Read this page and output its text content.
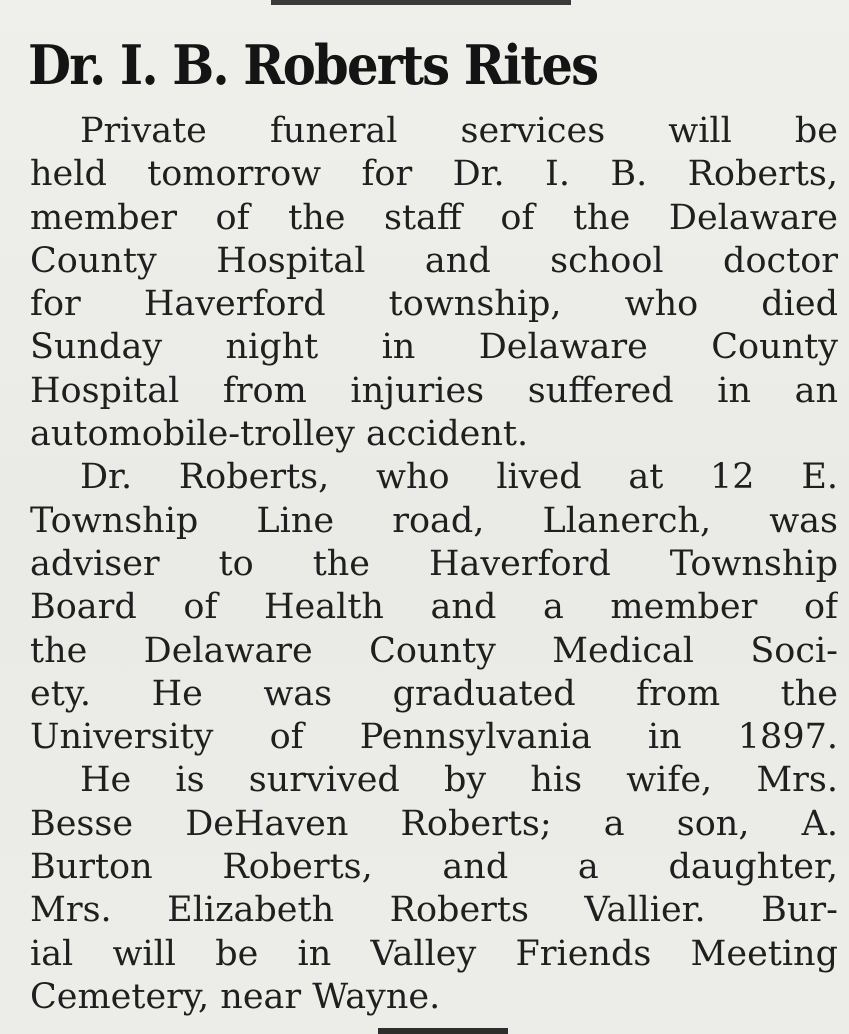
Dr. I. B. Roberts Rites
Private funeral services will be
held tomorrow for Dr. I. B. Roberts,
member of the staff of the Delaware
County Hospital and school doctor
for Haverford township, who died
Sunday night in Delaware County
Hospital from injuries suffered in an
automobile-trolley accident.
Dr. Roberts, who lived at 12 E.
Township Line road, Llanerch, was
adviser to the Haverford Township
Board of Health and a member of
the Delaware County Medical Soci-
ety. He was graduated from the
University of Pennsylvania in 1897.
He is survived by his wife, Mrs.
Besse DeHaven Roberts; a son, A.
Burton Roberts, and a daughter,
Mrs. Elizabeth Roberts Vallier. Bur-
ial will be in Valley Friends Meeting
Cemetery, near Wayne.
